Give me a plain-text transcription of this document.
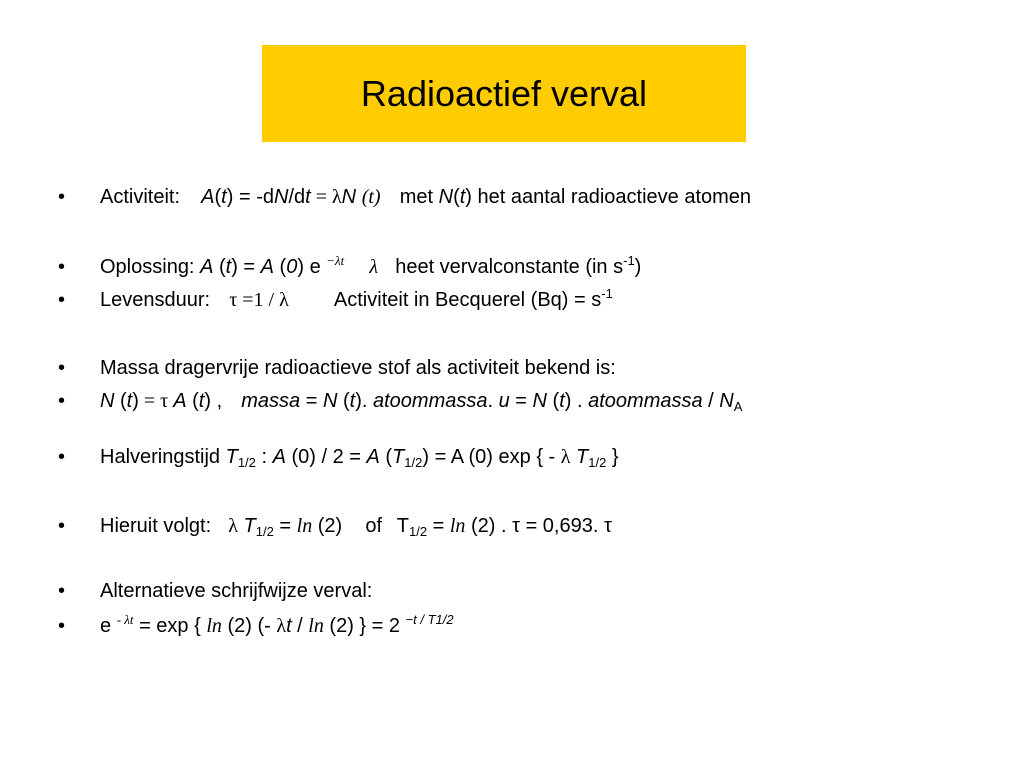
Radioactief verval
•	Activiteit: A(t) = -dN/dt = λN (t) met N(t) het aantal radioactieve atomen
•	Oplossing: A (t) = A (0) e $^{-\lambda t}$ λ heet vervalconstante (in $s^{-1}$)
•	Levensduur: τ =1 / λ Activiteit in Becquerel $(Bq) = s^{-1}$
•	Massa dragervrije radioactieve stof als activiteit bekend is:
•	N (t) = τ A (t) , massa = N (t). atoommassa. u = N (t) . atoommassa / $N_A$
•	Halveringstijd $T_{1/2}$ : A (0) / 2 = A $(T_{1/2}) = A$ (0) exp { - λ $T_{1/2}$ }
•	Hieruit volgt: λ $T_{1/2} = \ln (2)$ of $T_{1/2} = \ln (2)$ . τ = 0,693. τ
•	Alternatieve schrijfwijze verval:
•	e $^{- \lambda t}$ = exp { ln (2) (- λt / ln (2) } = 2 $^{-t / T1/2}$
